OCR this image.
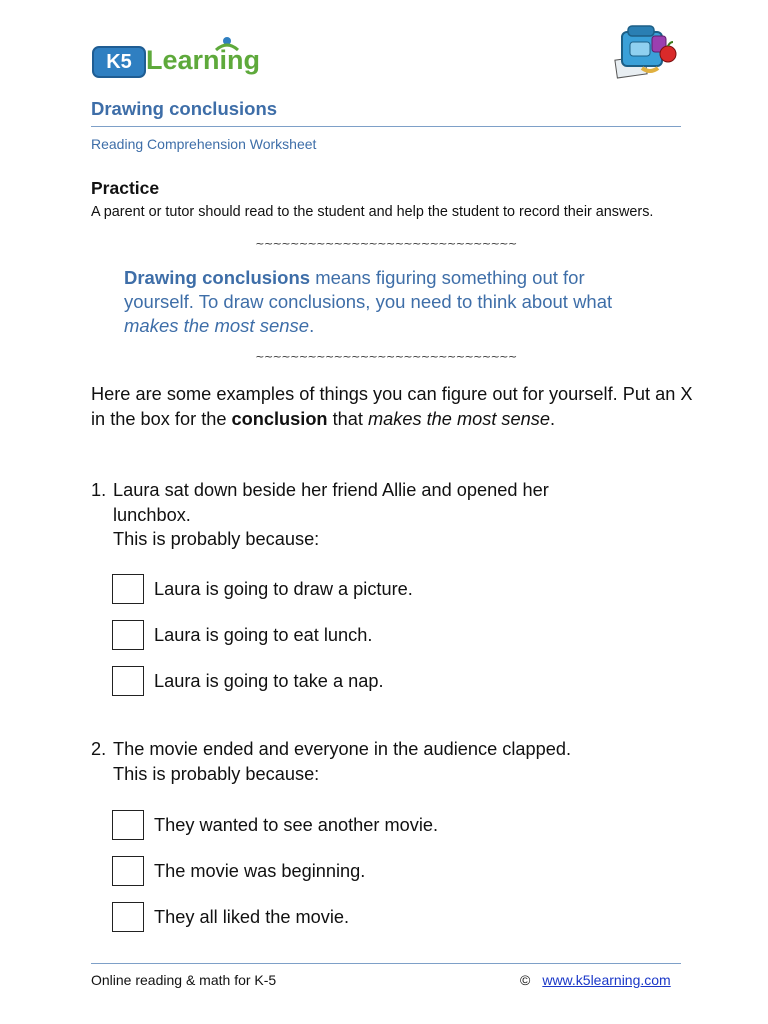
K5 Learning
Drawing conclusions
Reading Comprehension Worksheet
Practice
A parent or tutor should read to the student and help the student to record their answers.
~~~~~~~~~~~~~~~~~~~~~~~~~~~~~~
Drawing conclusions means figuring something out for yourself. To draw conclusions, you need to think about what makes the most sense.
~~~~~~~~~~~~~~~~~~~~~~~~~~~~~~
Here are some examples of things you can figure out for yourself. Put an X in the box for the conclusion that makes the most sense.
1. Laura sat down beside her friend Allie and opened her
lunchbox.
This is probably because:
Laura is going to draw a picture.
Laura is going to eat lunch.
Laura is going to take a nap.
2. The movie ended and everyone in the audience clapped.
This is probably because:
They wanted to see another movie.
The movie was beginning.
They all liked the movie.
Online reading & math for K-5	© www.k5learning.com
